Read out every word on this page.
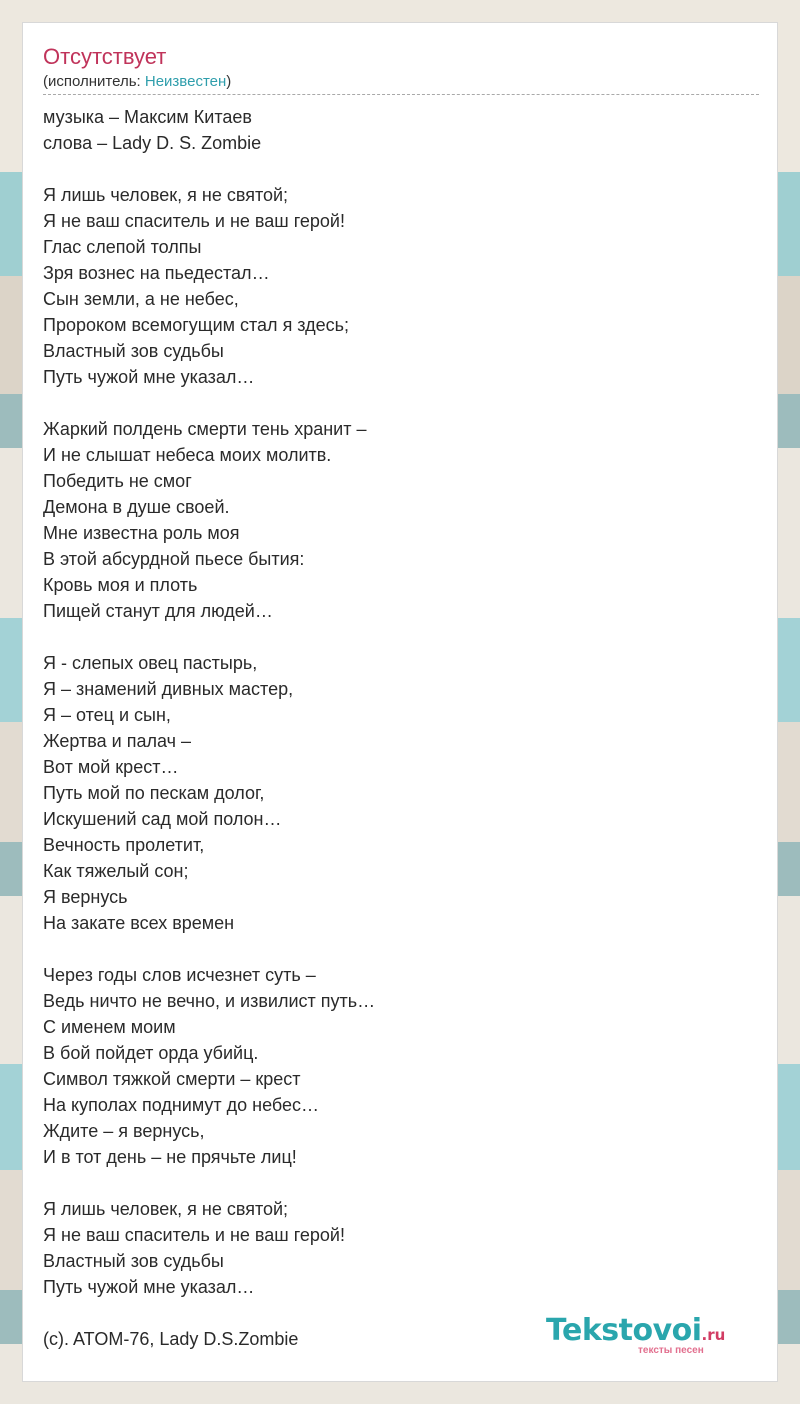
Отсутствует
(исполнитель: Неизвестен)
музыка – Максим Китаев
слова – Lady D. S. Zombie
Я лишь человек, я не святой;
Я не ваш спаситель и не ваш герой!
Глас слепой толпы
Зря вознес на пьедестал…
Сын земли, а не небес,
Пророком всемогущим стал я здесь;
Властный зов судьбы
Путь чужой мне указал…
Жаркий полдень смерти тень хранит –
И не слышат небеса моих молитв.
Победить не смог
Демона в душе своей.
Мне известна роль моя
В этой абсурдной пьесе бытия:
Кровь моя и плоть
Пищей станут для людей…
Я - слепых овец пастырь,
Я – знамений дивных мастер,
Я – отец и сын,
Жертва и палач –
Вот мой крест…
Путь мой по пескам долог,
Искушений сад мой полон…
Вечность пролетит,
Как тяжелый сон;
Я вернусь
На закате всех времен
Через годы слов исчезнет суть –
Ведь ничто не вечно, и извилист путь…
С именем моим
В бой пойдет орда убийц.
Символ тяжкой смерти – крест
На куполах поднимут до небес…
Ждите – я вернусь,
И в тот день – не прячьте лиц!
Я лишь человек, я не святой;
Я не ваш спаситель и не ваш герой!
Властный зов судьбы
Путь чужой мне указал…
(c). ATOM-76, Lady D.S.Zombie	Tekstovoi.ru
тексты песен
